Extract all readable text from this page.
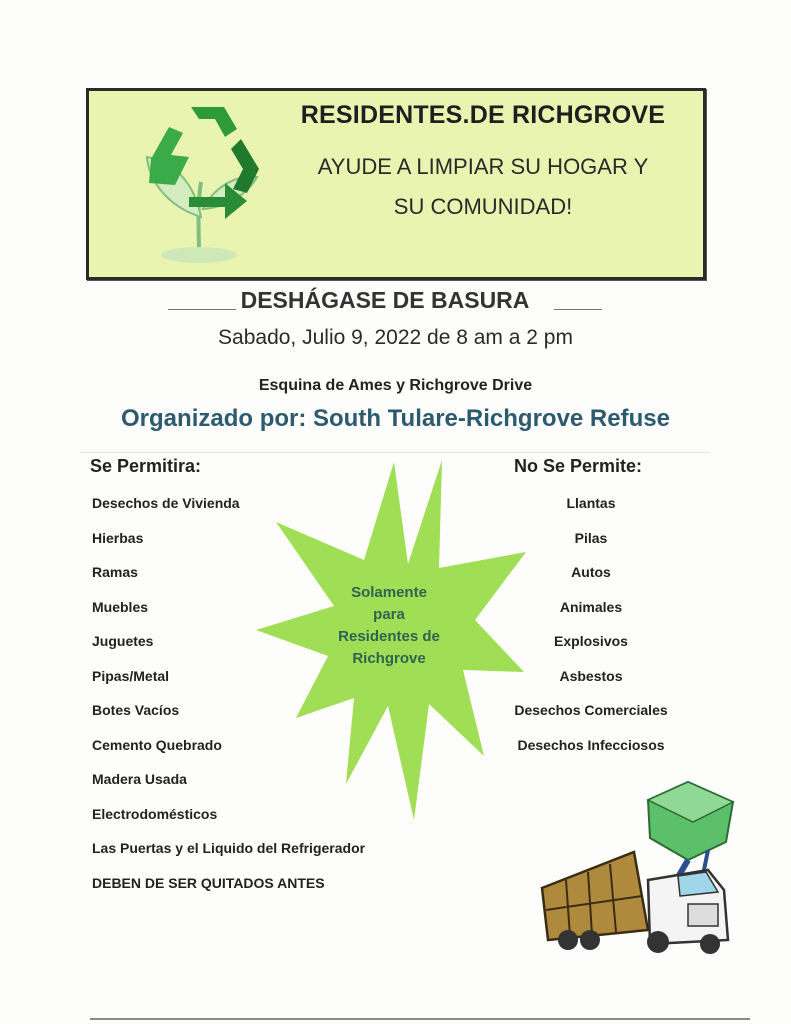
RESIDENTES.DE RICHGROVE
AYUDE A LIMPIAR SU HOGAR Y
SU COMUNIDAD!
DESHÁGASE DE BASURA
Sabado, Julio 9, 2022 de 8 am a 2 pm
Esquina de Ames y Richgrove Drive
Organizado por: South Tulare-Richgrove Refuse
Se Permitira:	No Se Permite:
Solamente
para
Residentes de
Richgrove
Desechos de Vivienda
Hierbas
Ramas
Muebles
Juguetes
Pipas/Metal
Botes Vacíos
Cemento Quebrado
Madera Usada
Electrodomésticos
Las Puertas y el Liquido del Refrigerador
DEBEN DE SER QUITADOS ANTES
Llantas
Pilas
Autos
Animales
Explosivos
Asbestos
Desechos Comerciales
Desechos Infecciosos
